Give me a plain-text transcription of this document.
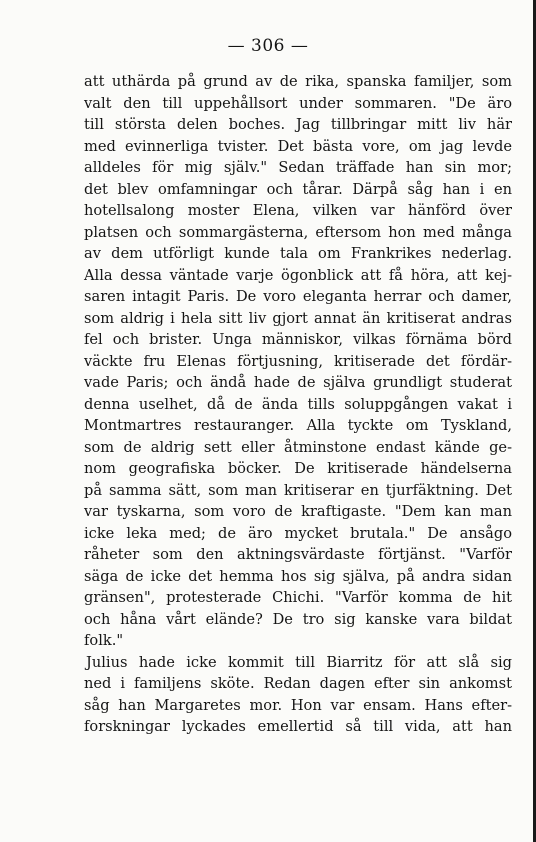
— 306 —
att uthärda på grund av de rika, spanska familjer, som
valt den till uppehållsort under sommaren. "De äro
till största delen boches. Jag tillbringar mitt liv här
med evinnerliga tvister. Det bästa vore, om jag levde
alldeles för mig själv." Sedan träffade han sin mor;
det blev omfamningar och tårar. Därpå såg han i en
hotellsalong moster Elena, vilken var hänförd över
platsen och sommargästerna, eftersom hon med många
av dem utförligt kunde tala om Frankrikes nederlag.
Alla dessa väntade varje ögonblick att få höra, att kej-
saren intagit Paris. De voro eleganta herrar och damer,
som aldrig i hela sitt liv gjort annat än kritiserat andras
fel och brister. Unga människor, vilkas förnäma börd
väckte fru Elenas förtjusning, kritiserade det fördär-
vade Paris; och ändå hade de själva grundligt studerat
denna uselhet, då de ända tills soluppgången vakat i
Montmartres restauranger. Alla tyckte om Tyskland,
som de aldrig sett eller åtminstone endast kände ge-
nom geografiska böcker. De kritiserade händelserna
på samma sätt, som man kritiserar en tjurfäktning. Det
var tyskarna, som voro de kraftigaste. "Dem kan man
icke leka med; de äro mycket brutala." De ansågo
råheter som den aktningsvärdaste förtjänst. "Varför
säga de icke det hemma hos sig själva, på andra sidan
gränsen", protesterade Chichi. "Varför komma de hit
och håna vårt elände? De tro sig kanske vara bildat
folk."
Julius hade icke kommit till Biarritz för att slå sig
ned i familjens sköte. Redan dagen efter sin ankomst
såg han Margaretes mor. Hon var ensam. Hans efter-
forskningar lyckades emellertid så till vida, att han
